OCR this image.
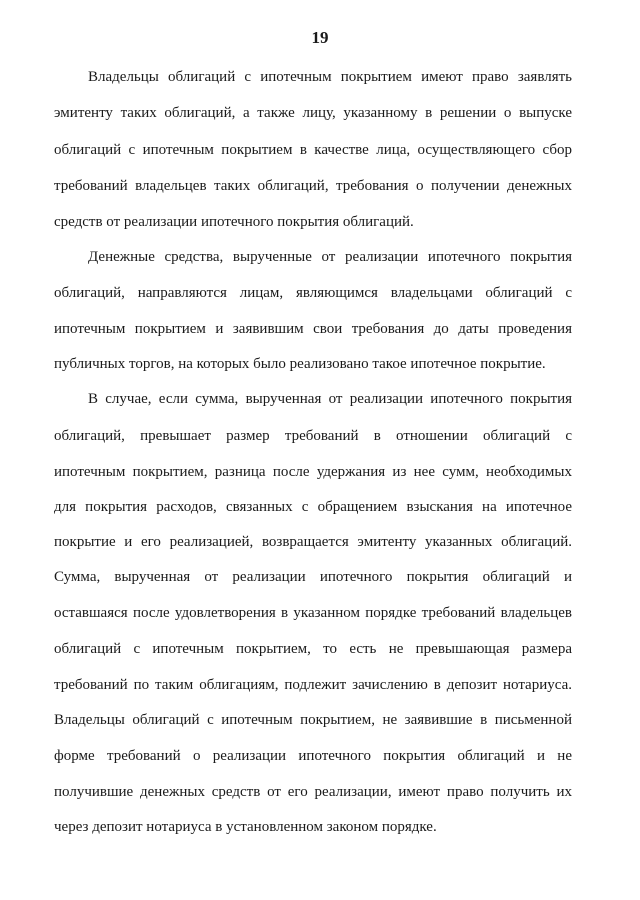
19
Владельцы облигаций с ипотечным покрытием имеют право заявлять
эмитенту таких облигаций, а также лицу, указанному в решении о выпуске
облигаций с ипотечным покрытием в качестве лица, осуществляющего сбор
требований владельцев таких облигаций, требования о получении денежных
средств от реализации ипотечного покрытия облигаций.
Денежные средства, вырученные от реализации ипотечного покрытия
облигаций, направляются лицам, являющимся владельцами облигаций с
ипотечным покрытием и заявившим свои требования до даты проведения
публичных торгов, на которых было реализовано такое ипотечное покрытие.
В случае, если сумма, вырученная от реализации ипотечного покрытия
облигаций, превышает размер требований в отношении облигаций с
ипотечным покрытием, разница после удержания из нее сумм, необходимых
для покрытия расходов, связанных с обращением взыскания на ипотечное
покрытие и его реализацией, возвращается эмитенту указанных облигаций.
Сумма, вырученная от реализации ипотечного покрытия облигаций и
оставшаяся после удовлетворения в указанном порядке требований владельцев
облигаций с ипотечным покрытием, то есть не превышающая размера
требований по таким облигациям, подлежит зачислению в депозит нотариуса.
Владельцы облигаций с ипотечным покрытием, не заявившие в письменной
форме требований о реализации ипотечного покрытия облигаций и не
получившие денежных средств от его реализации, имеют право получить их
через депозит нотариуса в установленном законом порядке.
